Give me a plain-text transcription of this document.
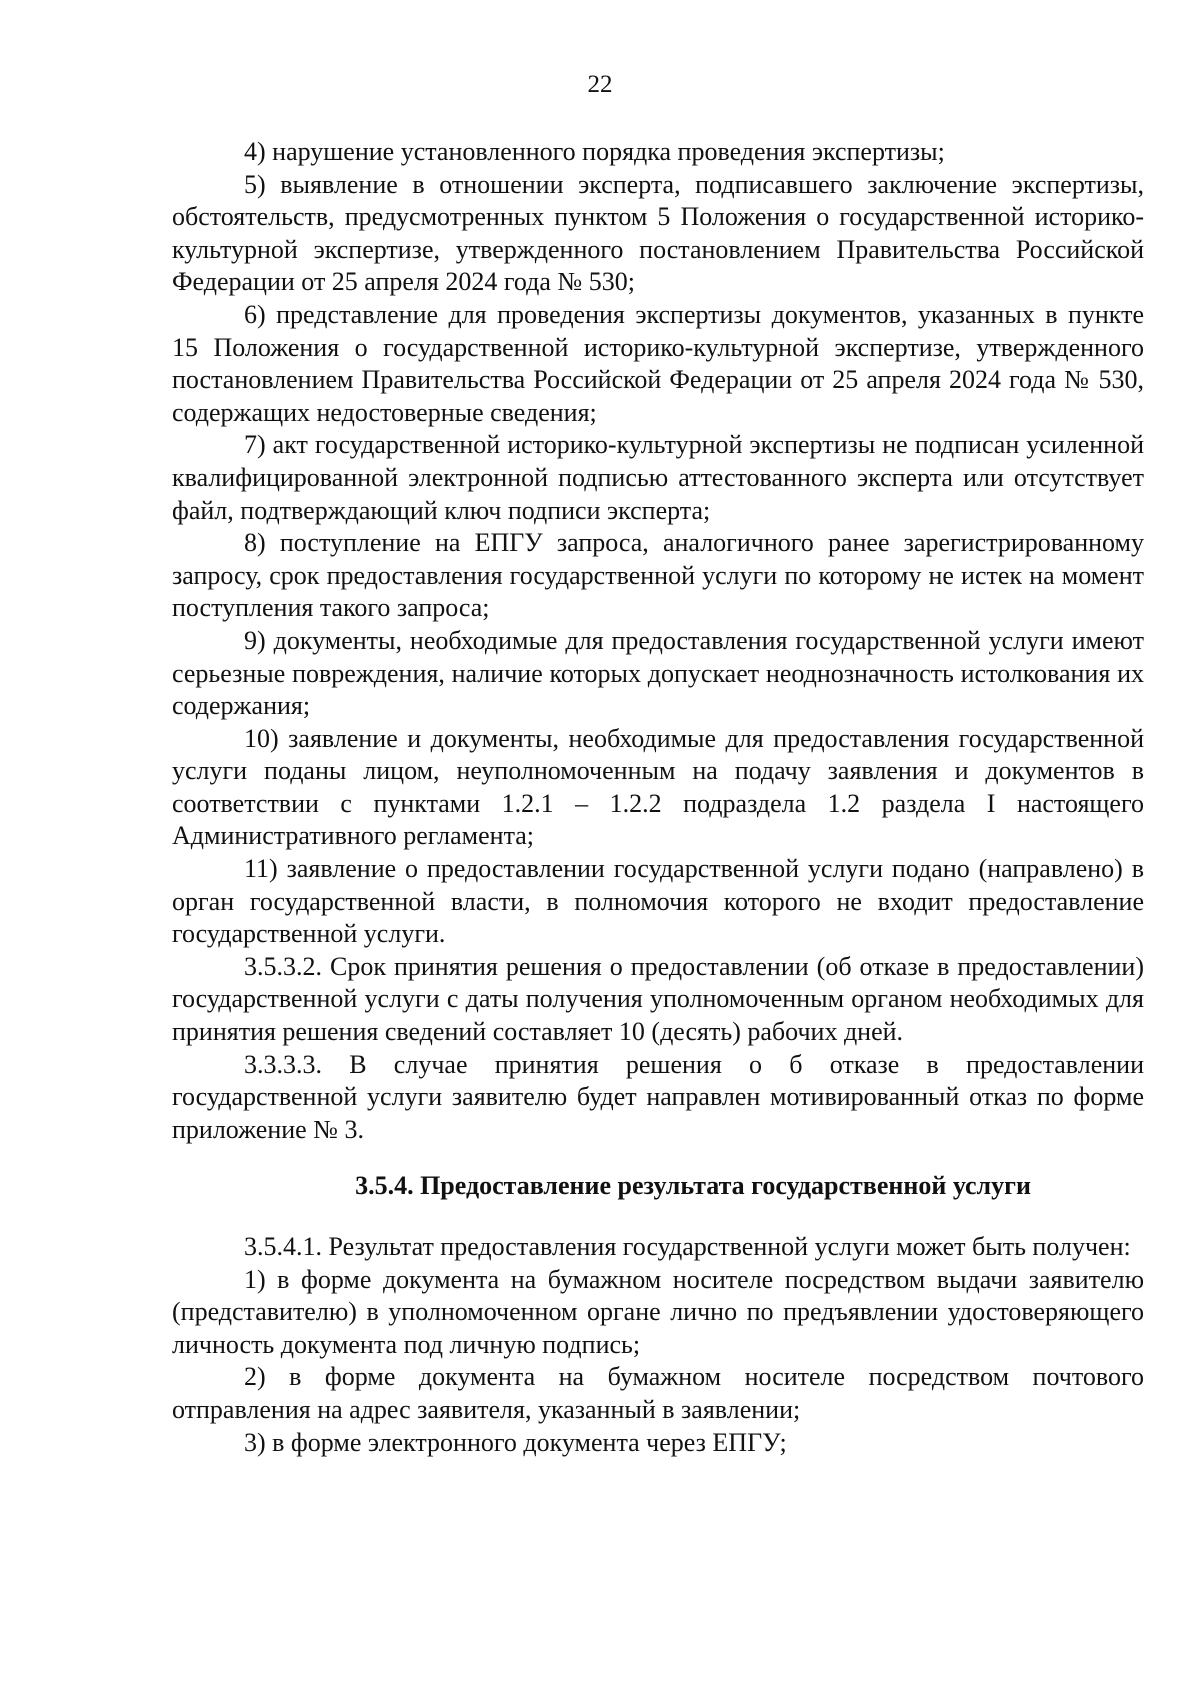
22

4) нарушение установленного порядка проведения экспертизы;

5) выявление в отношении эксперта, подписавшего заключение экспертизы, обстоятельств, предусмотренных пунктом 5 Положения о государственной историко-культурной экспертизе, утвержденного постановлением Правительства Российской Федерации от 25 апреля 2024 года № 530;

6) представление для проведения экспертизы документов, указанных в пункте 15 Положения о государственной историко-культурной экспертизе, утвержденного постановлением Правительства Российской Федерации от 25 апреля 2024 года № 530, содержащих недостоверные сведения;

7) акт государственной историко-культурной экспертизы не подписан усиленной квалифицированной электронной подписью аттестованного эксперта или отсутствует файл, подтверждающий ключ подписи эксперта;

8) поступление на ЕПГУ запроса, аналогичного ранее зарегистрированному запросу, срок предоставления государственной услуги по которому не истек на момент поступления такого запроса;

9) документы, необходимые для предоставления государственной услуги имеют серьезные повреждения, наличие которых допускает неоднозначность истолкования их содержания;

10) заявление и документы, необходимые для предоставления государственной услуги поданы лицом, неуполномоченным на подачу заявления и документов в соответствии с пунктами 1.2.1 – 1.2.2 подраздела 1.2 раздела I настоящего Административного регламента;

11) заявление о предоставлении государственной услуги подано (направлено) в орган государственной власти, в полномочия которого не входит предоставление государственной услуги.

3.5.3.2. Срок принятия решения о предоставлении (об отказе в предоставлении) государственной услуги с даты получения уполномоченным органом необходимых для принятия решения сведений составляет 10 (десять) рабочих дней.

3.3.3.3. В случае принятия решения о б отказе в предоставлении государственной услуги заявителю будет направлен мотивированный отказ по форме приложение № 3.

3.5.4. Предоставление результата государственной услуги

3.5.4.1. Результат предоставления государственной услуги может быть получен:

1) в форме документа на бумажном носителе посредством выдачи заявителю (представителю) в уполномоченном органе лично по предъявлении удостоверяющего личность документа под личную подпись;

2) в форме документа на бумажном носителе посредством почтового отправления на адрес заявителя, указанный в заявлении;

3) в форме электронного документа через ЕПГУ;
